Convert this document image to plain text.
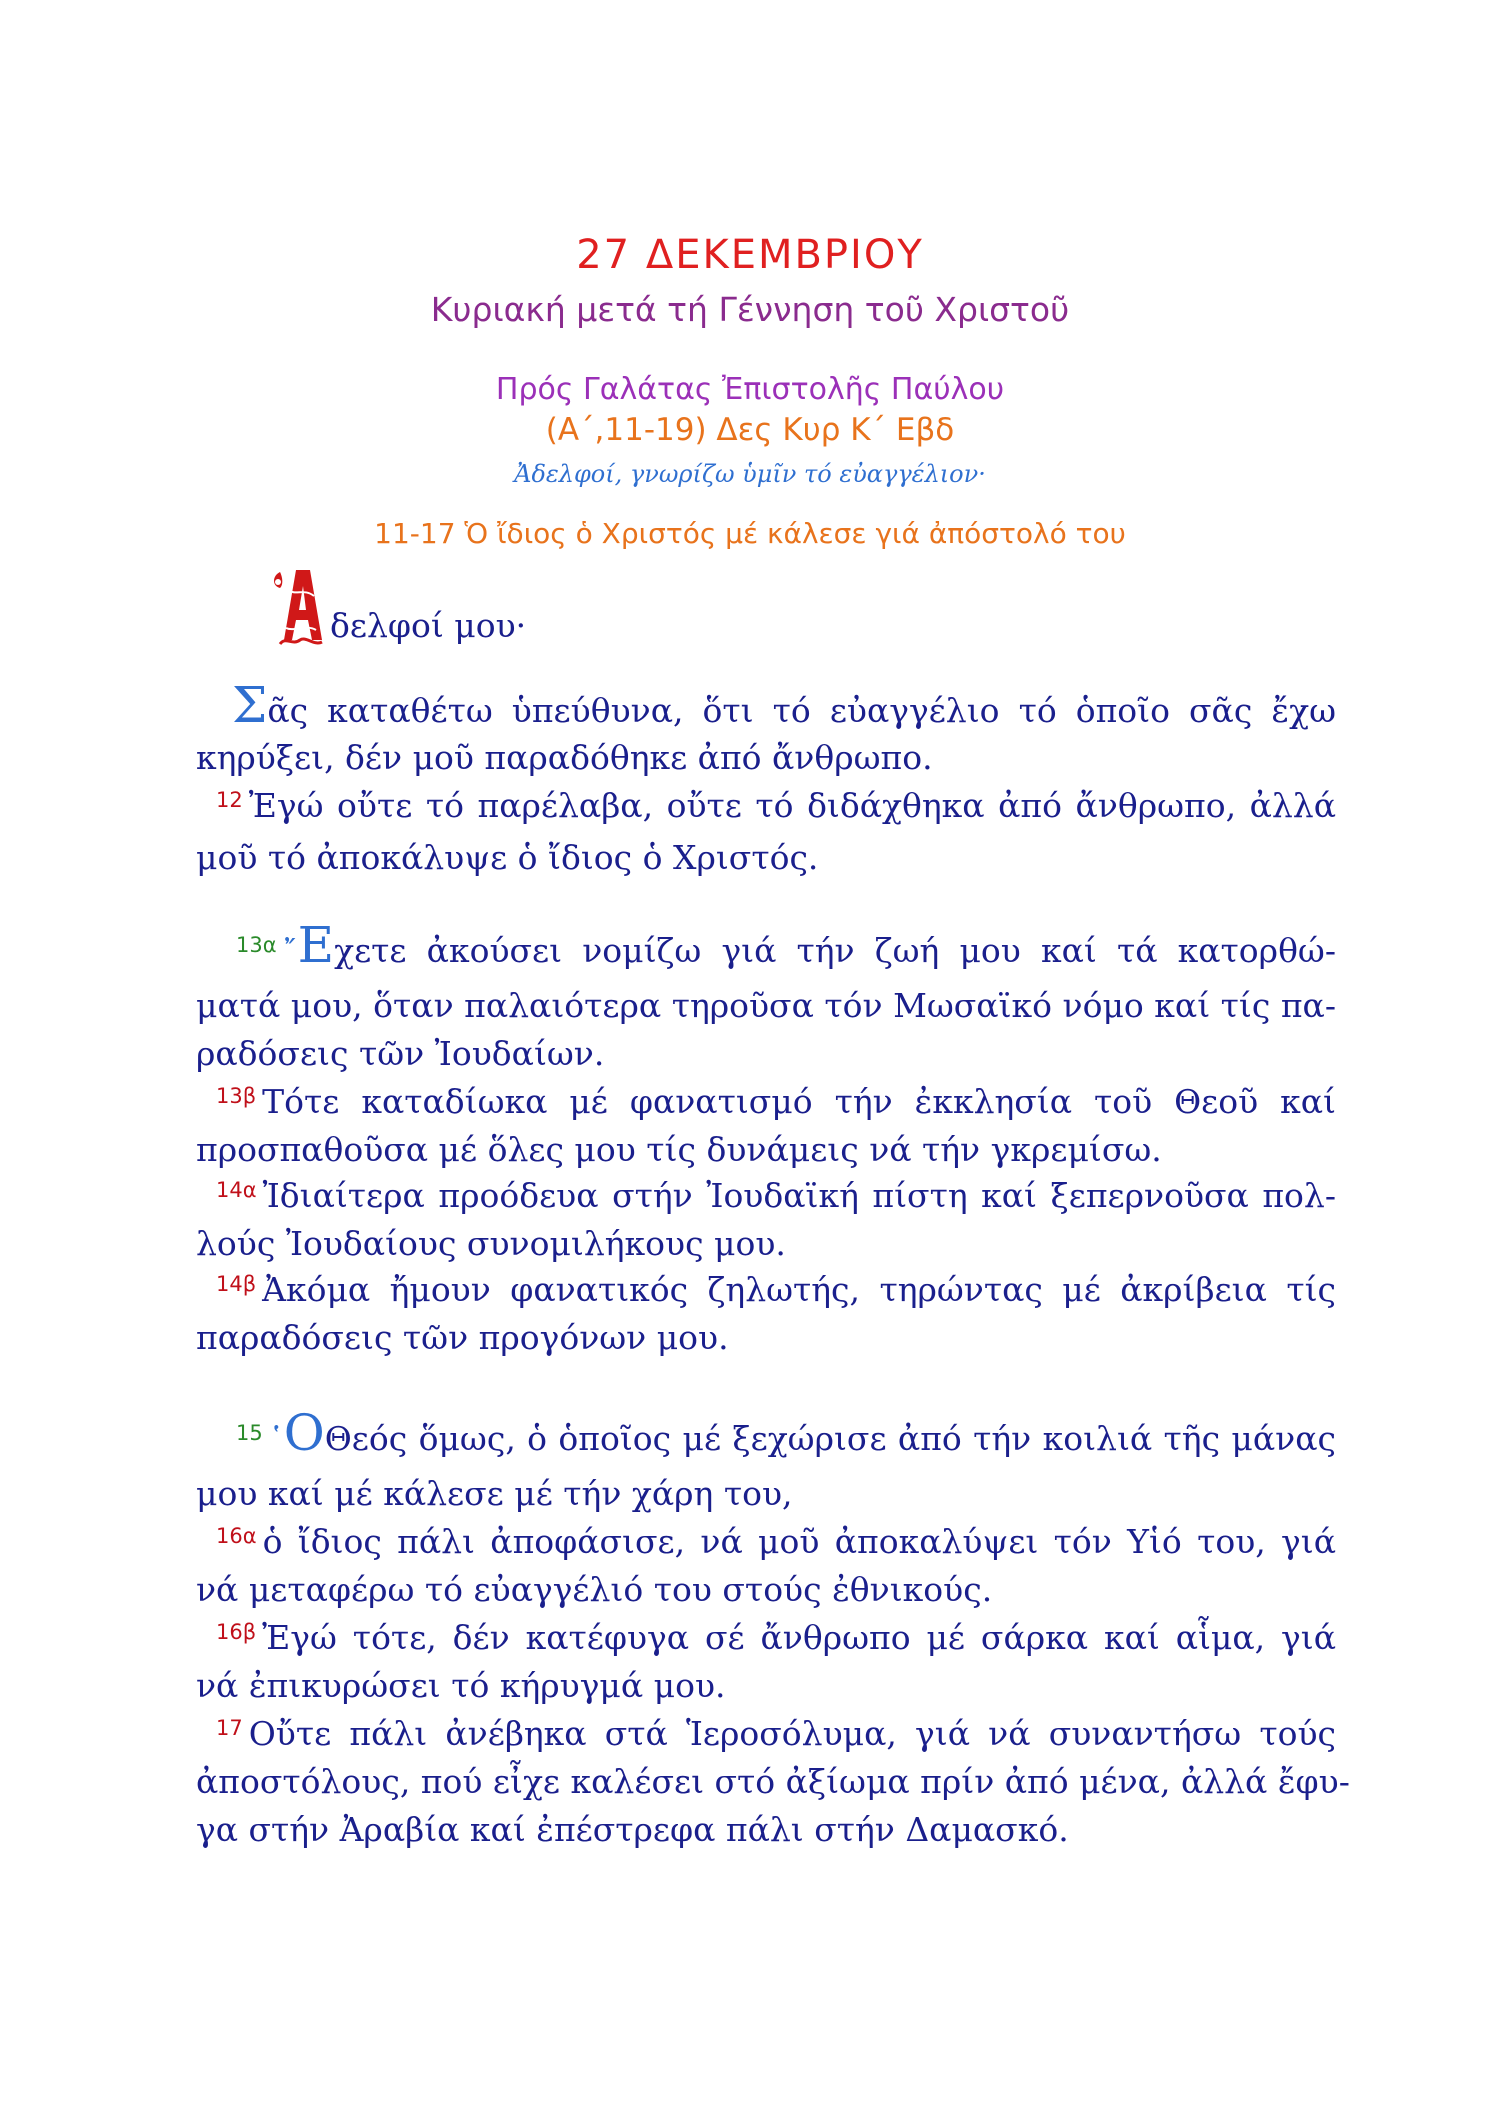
27 ΔΕΚΕΜΒΡΙΟΥ
Κυριακή μετά τή Γέννηση τοῦ Χριστοῦ
Πρός Γαλάτας Ἐπιστολῆς Παύλου
(Α΄,11-19) Δες Κυρ Κ΄ Εβδ
Ἀδελφοί, γνωρίζω ὑμῖν τό εὐαγγέλιον·
11-17 Ὁ ἴδιος ὁ Χριστός μέ κάλεσε γιά ἀπόστολό του
δελφοί μου·
Σᾶς καταθέτω ὑπεύθυνα, ὅτι τό εὐαγγέλιο τό ὁποῖο σᾶς ἔχω
κηρύξει, δέν μοῦ παραδόθηκε ἀπό ἄνθρωπο.
$^{12}$ Ἐγώ οὔτε τό παρέλαβα, οὔτε τό διδάχθηκα ἀπό ἄνθρωπο, ἀλλά
μοῦ τό ἀποκάλυψε ὁ ἴδιος ὁ Χριστός.
$^{13\alpha}$ ῎Εχετε ἀκούσει νομίζω γιά τήν ζωή μου καί τά κατορθώ-
ματά μου, ὅταν παλαιότερα τηροῦσα τόν Μωσαϊκό νόμο καί τίς πα-
ραδόσεις τῶν Ἰουδαίων.
$^{13\beta}$ Τότε καταδίωκα μέ φανατισμό τήν ἐκκλησία τοῦ Θεοῦ καί
προσπαθοῦσα μέ ὅλες μου τίς δυνάμεις νά τήν γκρεμίσω.
$^{14\alpha}$ Ἰδιαίτερα προόδευα στήν Ἰουδαϊκή πίστη καί ξεπερνοῦσα πολ-
λούς Ἰουδαίους συνομιλήκους μου.
$^{14\beta}$ Ἀκόμα ἤμουν φανατικός ζηλωτής, τηρώντας μέ ἀκρίβεια τίς
παραδόσεις τῶν προγόνων μου.
$^{15}$ ῾ΟΘεός ὅμως, ὁ ὁποῖος μέ ξεχώρισε ἀπό τήν κοιλιά τῆς μάνας
μου καί μέ κάλεσε μέ τήν χάρη του,
$^{16\alpha}$ ὁ ἴδιος πάλι ἀποφάσισε, νά μοῦ ἀποκαλύψει τόν Υἱό του, γιά
νά μεταφέρω τό εὐαγγέλιό του στούς ἐθνικούς.
$^{16\beta}$ Ἐγώ τότε, δέν κατέφυγα σέ ἄνθρωπο μέ σάρκα καί αἷμα, γιά
νά ἐπικυρώσει τό κήρυγμά μου.
$^{17}$ Οὔτε πάλι ἀνέβηκα στά Ἱεροσόλυμα, γιά νά συναντήσω τούς
ἀποστόλους, πού εἶχε καλέσει στό ἀξίωμα πρίν ἀπό μένα, ἀλλά ἔφυ-
γα στήν Ἀραβία καί ἐπέστρεφα πάλι στήν Δαμασκό.
